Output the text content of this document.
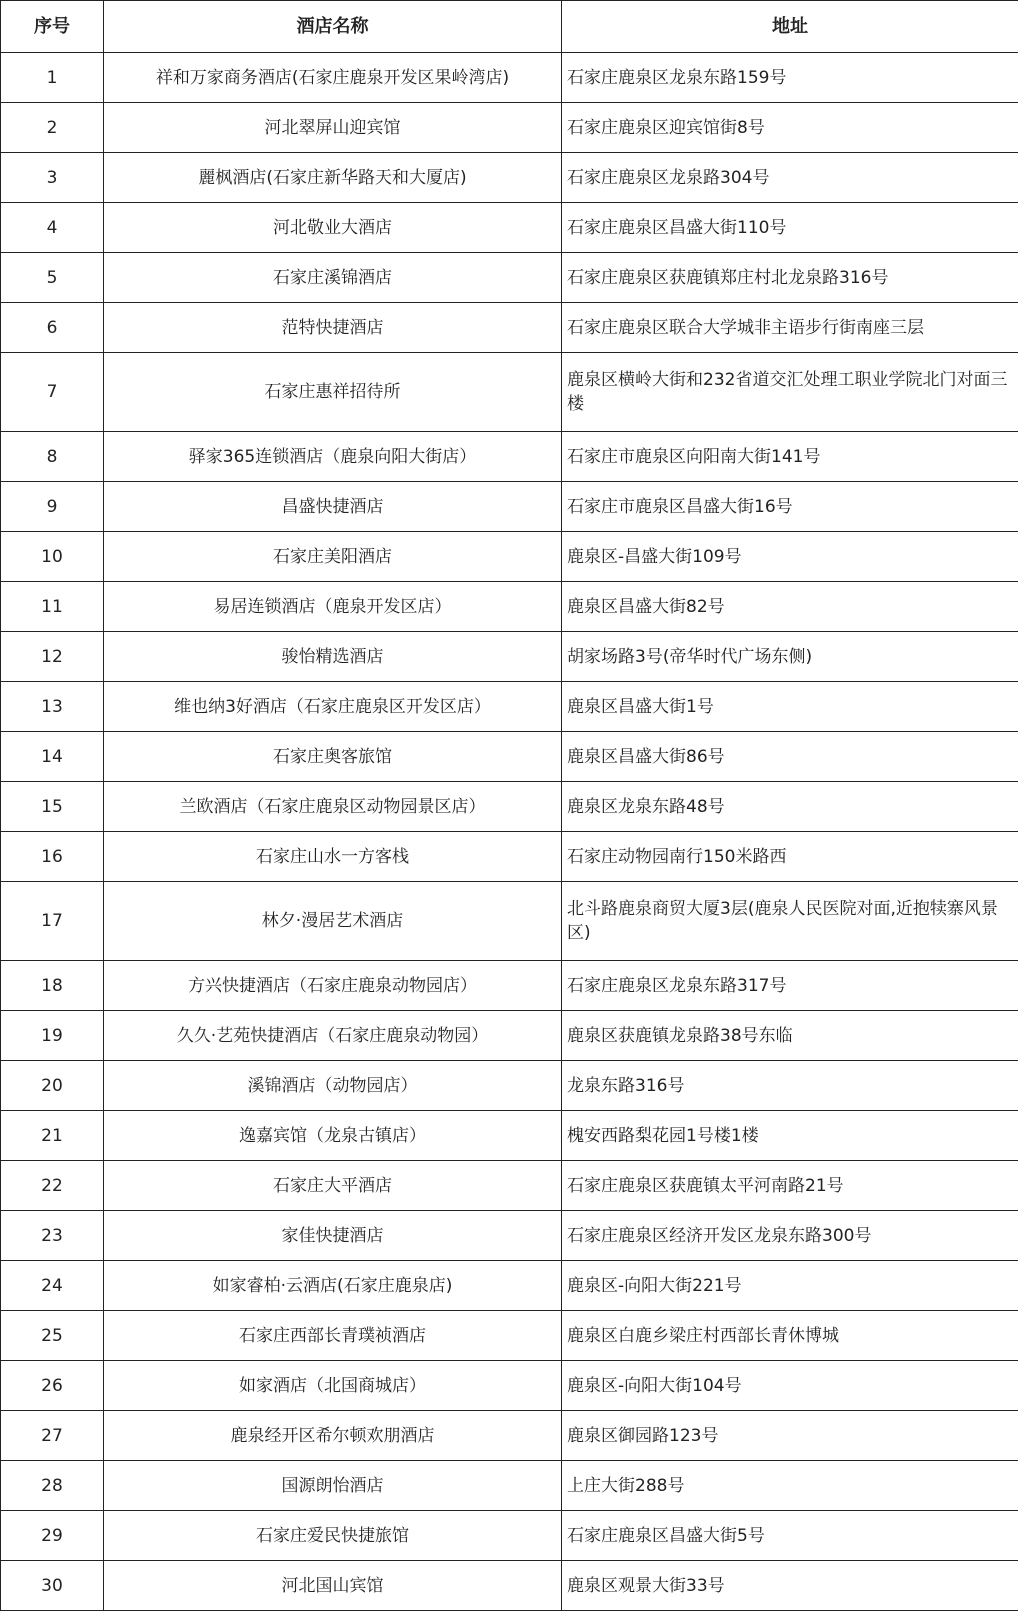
序号	酒店名称	地址
1	祥和万家商务酒店(石家庄鹿泉开发区果岭湾店)	石家庄鹿泉区龙泉东路159号
2	河北翠屏山迎宾馆	石家庄鹿泉区迎宾馆街8号
3	麗枫酒店(石家庄新华路天和大厦店)	石家庄鹿泉区龙泉路304号
4	河北敬业大酒店	石家庄鹿泉区昌盛大街110号
5	石家庄溪锦酒店	石家庄鹿泉区获鹿镇郑庄村北龙泉路316号
6	范特快捷酒店	石家庄鹿泉区联合大学城非主语步行街南座三层
7	石家庄惠祥招待所	鹿泉区横岭大街和232省道交汇处理工职业学院北门对面三楼
8	驿家365连锁酒店（鹿泉向阳大街店）	石家庄市鹿泉区向阳南大街141号
9	昌盛快捷酒店	石家庄市鹿泉区昌盛大街16号
10	石家庄美阳酒店	鹿泉区-昌盛大街109号
11	易居连锁酒店（鹿泉开发区店）	鹿泉区昌盛大街82号
12	骏怡精选酒店	胡家场路3号(帝华时代广场东侧)
13	维也纳3好酒店（石家庄鹿泉区开发区店）	鹿泉区昌盛大街1号
14	石家庄奥客旅馆	鹿泉区昌盛大街86号
15	兰欧酒店（石家庄鹿泉区动物园景区店）	鹿泉区龙泉东路48号
16	石家庄山水一方客栈	石家庄动物园南行150米路西
17	林夕·漫居艺术酒店	北斗路鹿泉商贸大厦3层(鹿泉人民医院对面,近抱犊寨风景区)
18	方兴快捷酒店（石家庄鹿泉动物园店）	石家庄鹿泉区龙泉东路317号
19	久久·艺苑快捷酒店（石家庄鹿泉动物园）	鹿泉区获鹿镇龙泉路38号东临
20	溪锦酒店（动物园店）	龙泉东路316号
21	逸嘉宾馆（龙泉古镇店）	槐安西路梨花园1号楼1楼
22	石家庄大平酒店	石家庄鹿泉区获鹿镇太平河南路21号
23	家佳快捷酒店	石家庄鹿泉区经济开发区龙泉东路300号
24	如家睿柏·云酒店(石家庄鹿泉店)	鹿泉区-向阳大街221号
25	石家庄西部长青璞祯酒店	鹿泉区白鹿乡梁庄村西部长青休博城
26	如家酒店（北国商城店）	鹿泉区-向阳大街104号
27	鹿泉经开区希尔顿欢朋酒店	鹿泉区御园路123号
28	国源朗怡酒店	上庄大街288号
29	石家庄爱民快捷旅馆	石家庄鹿泉区昌盛大街5号
30	河北国山宾馆	鹿泉区观景大街33号
